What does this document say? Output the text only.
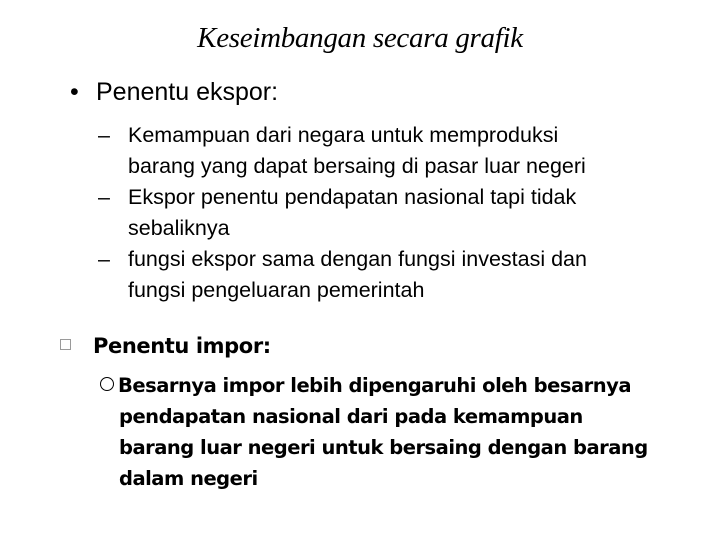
Keseimbangan secara grafik
• Penentu ekspor:
– Kemampuan dari negara untuk memproduksi
barang yang dapat bersaing di pasar luar negeri
– Ekspor penentu pendapatan nasional tapi tidak
sebaliknya
– fungsi ekspor sama dengan fungsi investasi dan
fungsi pengeluaran pemerintah
Penentu impor:
Besarnya impor lebih dipengaruhi oleh besarnya
pendapatan nasional dari pada kemampuan
barang luar negeri untuk bersaing dengan barang
dalam negeri
